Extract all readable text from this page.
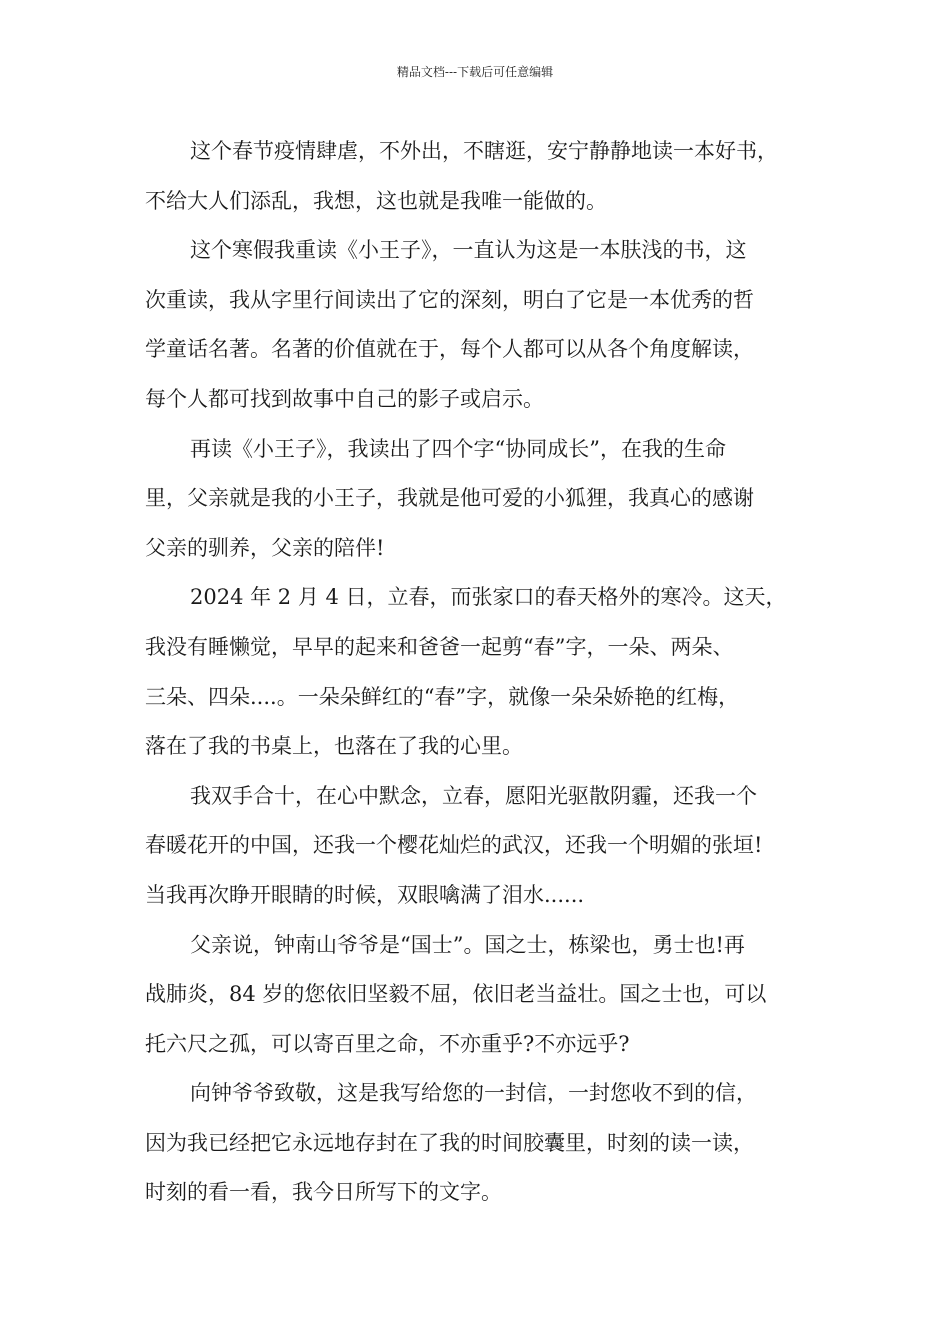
精品文档---下载后可任意编辑

这个春节疫情肆虐，不外出，不瞎逛，安宁静静地读一本好书，
不给大人们添乱，我想，这也就是我唯一能做的。

这个寒假我重读《小王子》，一直认为这是一本肤浅的书，这
次重读，我从字里行间读出了它的深刻，明白了它是一本优秀的哲
学童话名著。名著的价值就在于，每个人都可以从各个角度解读，
每个人都可找到故事中自己的影子或启示。

再读《小王子》，我读出了四个字“协同成长”，在我的生命
里，父亲就是我的小王子，我就是他可爱的小狐狸，我真心的感谢
父亲的驯养，父亲的陪伴!

2024 年 2 月 4 日，立春，而张家口的春天格外的寒冷。这天，
我没有睡懒觉，早早的起来和爸爸一起剪“春”字，一朵、两朵、
三朵、四朵....。一朵朵鲜红的“春”字，就像一朵朵娇艳的红梅，
落在了我的书桌上，也落在了我的心里。

我双手合十，在心中默念，立春，愿阳光驱散阴霾，还我一个
春暖花开的中国，还我一个樱花灿烂的武汉，还我一个明媚的张垣!
当我再次睁开眼睛的时候，双眼噙满了泪水......

父亲说，钟南山爷爷是“国士”。国之士，栋梁也，勇士也!再
战肺炎，84 岁的您依旧坚毅不屈，依旧老当益壮。国之士也，可以
托六尺之孤，可以寄百里之命，不亦重乎?不亦远乎?

向钟爷爷致敬，这是我写给您的一封信，一封您收不到的信，
因为我已经把它永远地存封在了我的时间胶囊里，时刻的读一读，
时刻的看一看，我今日所写下的文字。
